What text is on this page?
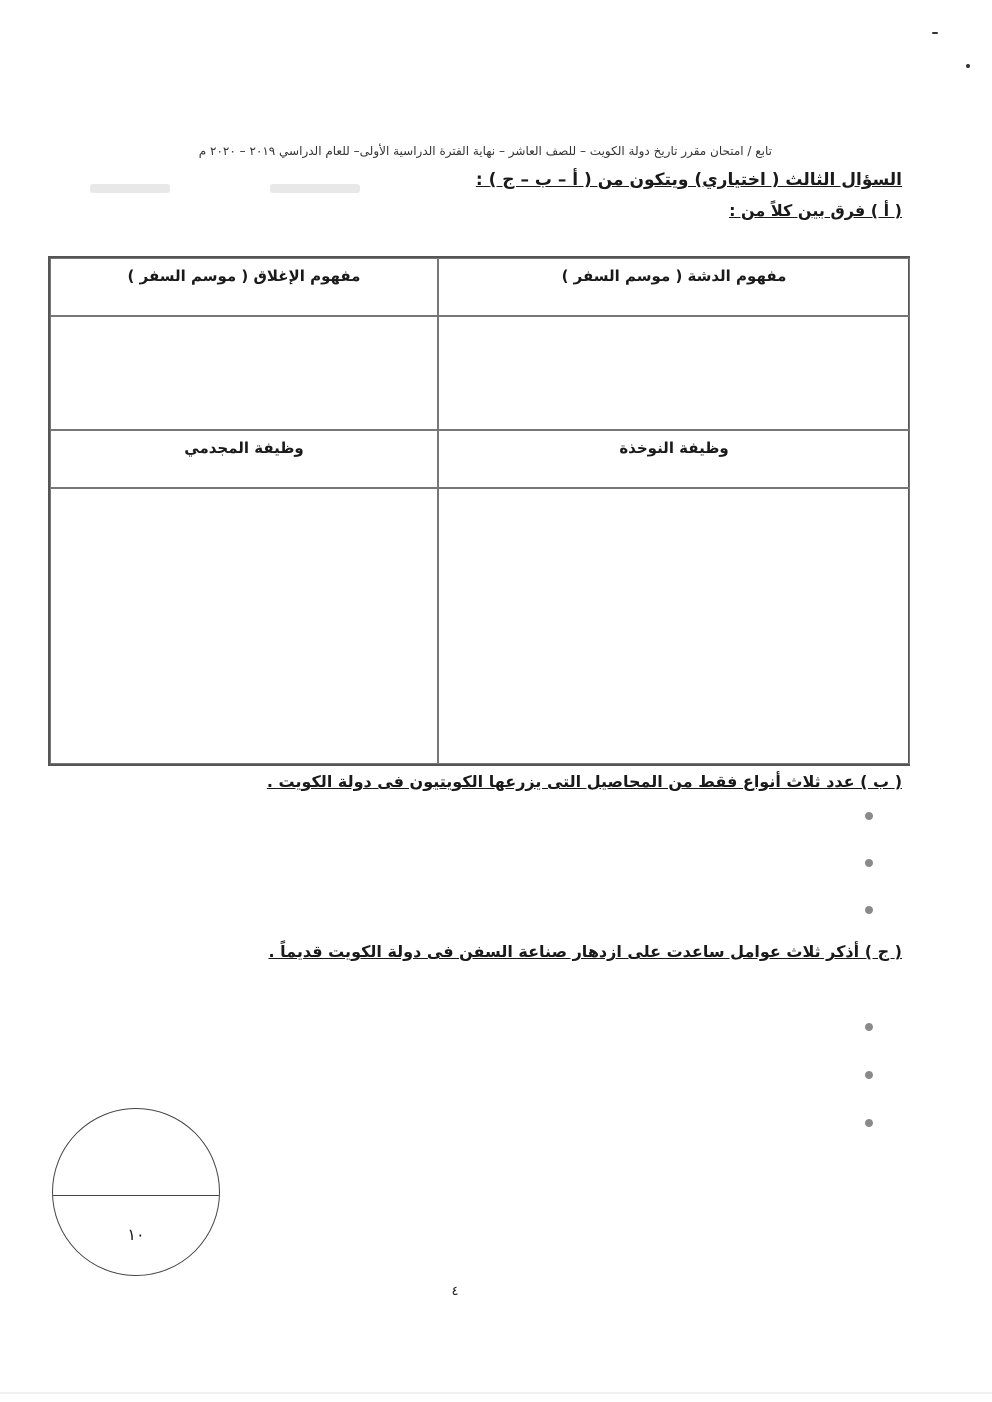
تابع / امتحان مقرر تاريخ دولة الكويت – للصف العاشر – نهاية الفترة الدراسية الأولى– للعام الدراسي ٢٠١٩ – ٢٠٢٠ م
السؤال الثالث ( اختياري) ويتكون من ( أ – ب – ج ) :
( أ ) فرق بين كلاً من :
مفهوم الدشة ( موسم السفر )
مفهوم الإغلاق ( موسم السفر )
وظيفة النوخذة
وظيفة المجدمي
( ب ) عدد ثلاث أنواع فقط من المحاصيل التى يزرعها الكويتيون فى دولة الكويت .
( ج ) أذكر ثلاث عوامل ساعدت على ازدهار صناعة السفن فى دولة الكويت قديماً .
١٠
٤
